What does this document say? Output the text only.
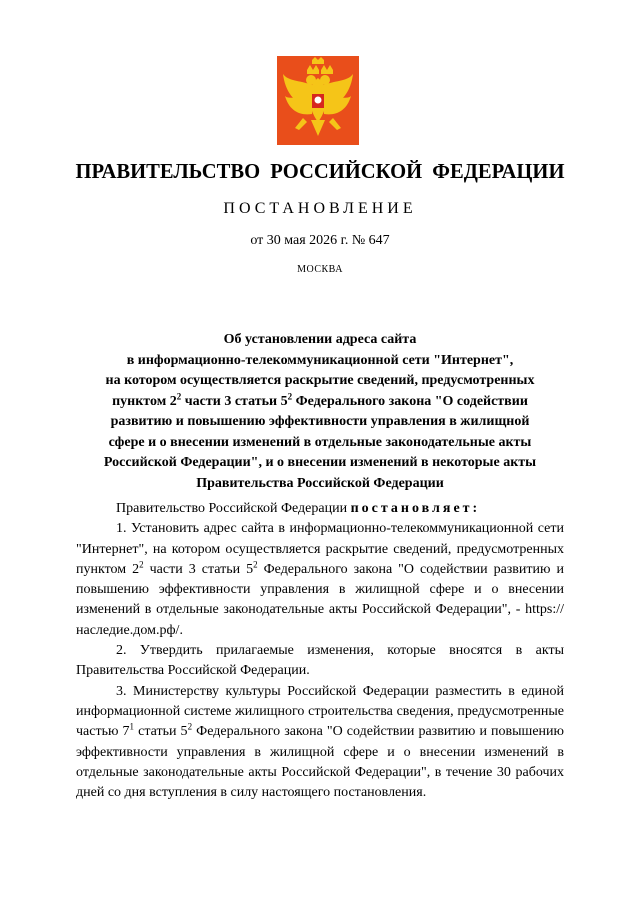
ПРАВИТЕЛЬСТВО РОССИЙСКОЙ ФЕДЕРАЦИИ
ПОСТАНОВЛЕНИЕ
от 30 мая 2026 г. № 647
МОСКВА
Об установлении адреса сайта
в информационно-телекоммуникационной сети "Интернет",
на котором осуществляется раскрытие сведений, предусмотренных
пунктом $2^2$ части 3 статьи $5^2$ Федерального закона "О содействии
развитию и повышению эффективности управления в жилищной
сфере и о внесении изменений в отдельные законодательные акты
Российской Федерации", и о внесении изменений в некоторые акты
Правительства Российской Федерации

Правительство Российской Федерации постановляет:

1. Установить адрес сайта в информационно-телекоммуникационной сети "Интернет", на котором осуществляется раскрытие сведений, предусмотренных пунктом $2^2$ части 3 статьи $5^2$ Федерального закона "О содействии развитию и повышению эффективности управления в жилищной сфере и о внесении изменений в отдельные законодательные акты Российской Федерации", - https://наследие.дом.рф/.

2. Утвердить прилагаемые изменения, которые вносятся в акты Правительства Российской Федерации.

3. Министерству культуры Российской Федерации разместить в единой информационной системе жилищного строительства сведения, предусмотренные частью $7^1$ статьи $5^2$ Федерального закона "О содействии развитию и повышению эффективности управления в жилищной сфере и о внесении изменений в отдельные законодательные акты Российской Федерации", в течение 30 рабочих дней со дня вступления в силу настоящего постановления.
